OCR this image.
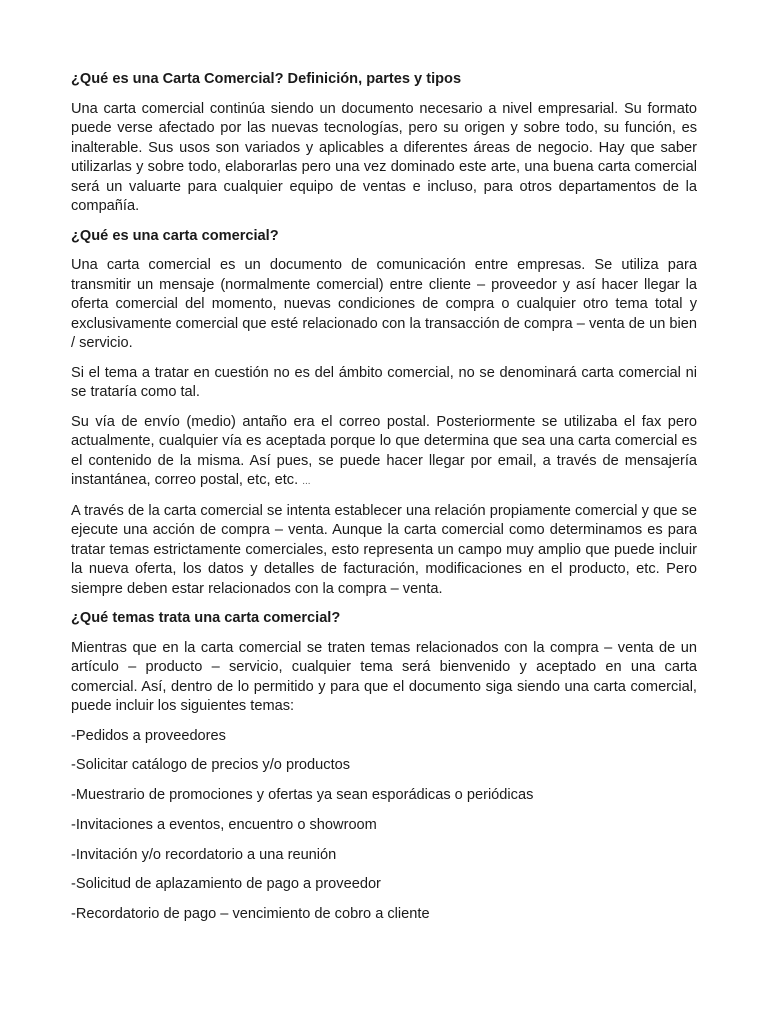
¿Qué es una Carta Comercial? Definición, partes y tipos

Una carta comercial continúa siendo un documento necesario a nivel empresarial. Su formato puede verse afectado por las nuevas tecnologías, pero su origen y sobre todo, su función, es inalterable. Sus usos son variados y aplicables a diferentes áreas de negocio. Hay que saber utilizarlas y sobre todo, elaborarlas pero una vez dominado este arte, una buena carta comercial será un valuarte para cualquier equipo de ventas e incluso, para otros departamentos de la compañía.

¿Qué es una carta comercial?

Una carta comercial es un documento de comunicación entre empresas. Se utiliza para transmitir un mensaje (normalmente comercial) entre cliente – proveedor y así hacer llegar la oferta comercial del momento, nuevas condiciones de compra o cualquier otro tema total y exclusivamente comercial que esté relacionado con la transacción de compra – venta de un bien / servicio.

Si el tema a tratar en cuestión no es del ámbito comercial, no se denominará carta comercial ni se trataría como tal.

Su vía de envío (medio) antaño era el correo postal. Posteriormente se utilizaba el fax pero actualmente, cualquier vía es aceptada porque lo que determina que sea una carta comercial es el contenido de la misma. Así pues, se puede hacer llegar por email, a través de mensajería instantánea, correo postal, etc, etc. ...

A través de la carta comercial se intenta establecer una relación propiamente comercial y que se ejecute una acción de compra – venta. Aunque la carta comercial como determinamos es para tratar temas estrictamente comerciales, esto representa un campo muy amplio que puede incluir la nueva oferta, los datos y detalles de facturación, modificaciones en el producto, etc. Pero siempre deben estar relacionados con la compra – venta.

¿Qué temas trata una carta comercial?

Mientras que en la carta comercial se traten temas relacionados con la compra – venta de un artículo – producto – servicio, cualquier tema será bienvenido y aceptado en una carta comercial. Así, dentro de lo permitido y para que el documento siga siendo una carta comercial, puede incluir los siguientes temas:

-Pedidos a proveedores

-Solicitar catálogo de precios y/o productos

-Muestrario de promociones y ofertas ya sean esporádicas o periódicas

-Invitaciones a eventos, encuentro o showroom

-Invitación y/o recordatorio a una reunión

-Solicitud de aplazamiento de pago a proveedor

-Recordatorio de pago – vencimiento de cobro a cliente
